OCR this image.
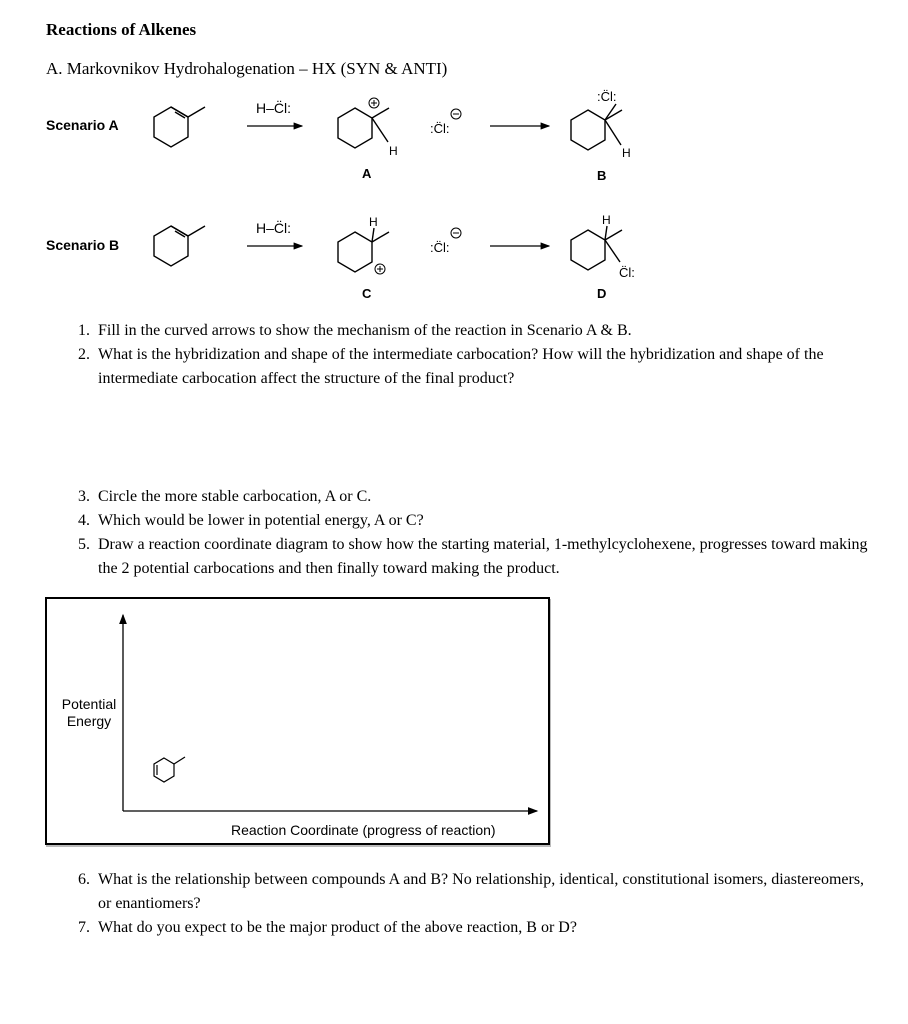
Reactions of Alkenes
A. Markovnikov Hydrohalogenation – HX (SYN & ANTI)
Scenario A
Scenario B
H–C̈l:
H
A
:C̈l:
:C̈l:
H
B
H–C̈l:	H
C
:C̈l:
H
C̈l:
D
1. Fill in the curved arrows to show the mechanism of the reaction in Scenario A & B.
2. What is the hybridization and shape of the intermediate carbocation? How will the hybridization and shape of the intermediate carbocation affect the structure of the final product?
3. Circle the more stable carbocation, A or C.
4. Which would be lower in potential energy, A or C?
5. Draw a reaction coordinate diagram to show how the starting material, 1-methylcyclohexene, progresses toward making the 2 potential carbocations and then finally toward making the product.
Potential
Energy
Reaction Coordinate (progress of reaction)
6. What is the relationship between compounds A and B? No relationship, identical, constitutional isomers, diastereomers, or enantiomers?
7. What do you expect to be the major product of the above reaction, B or D?
